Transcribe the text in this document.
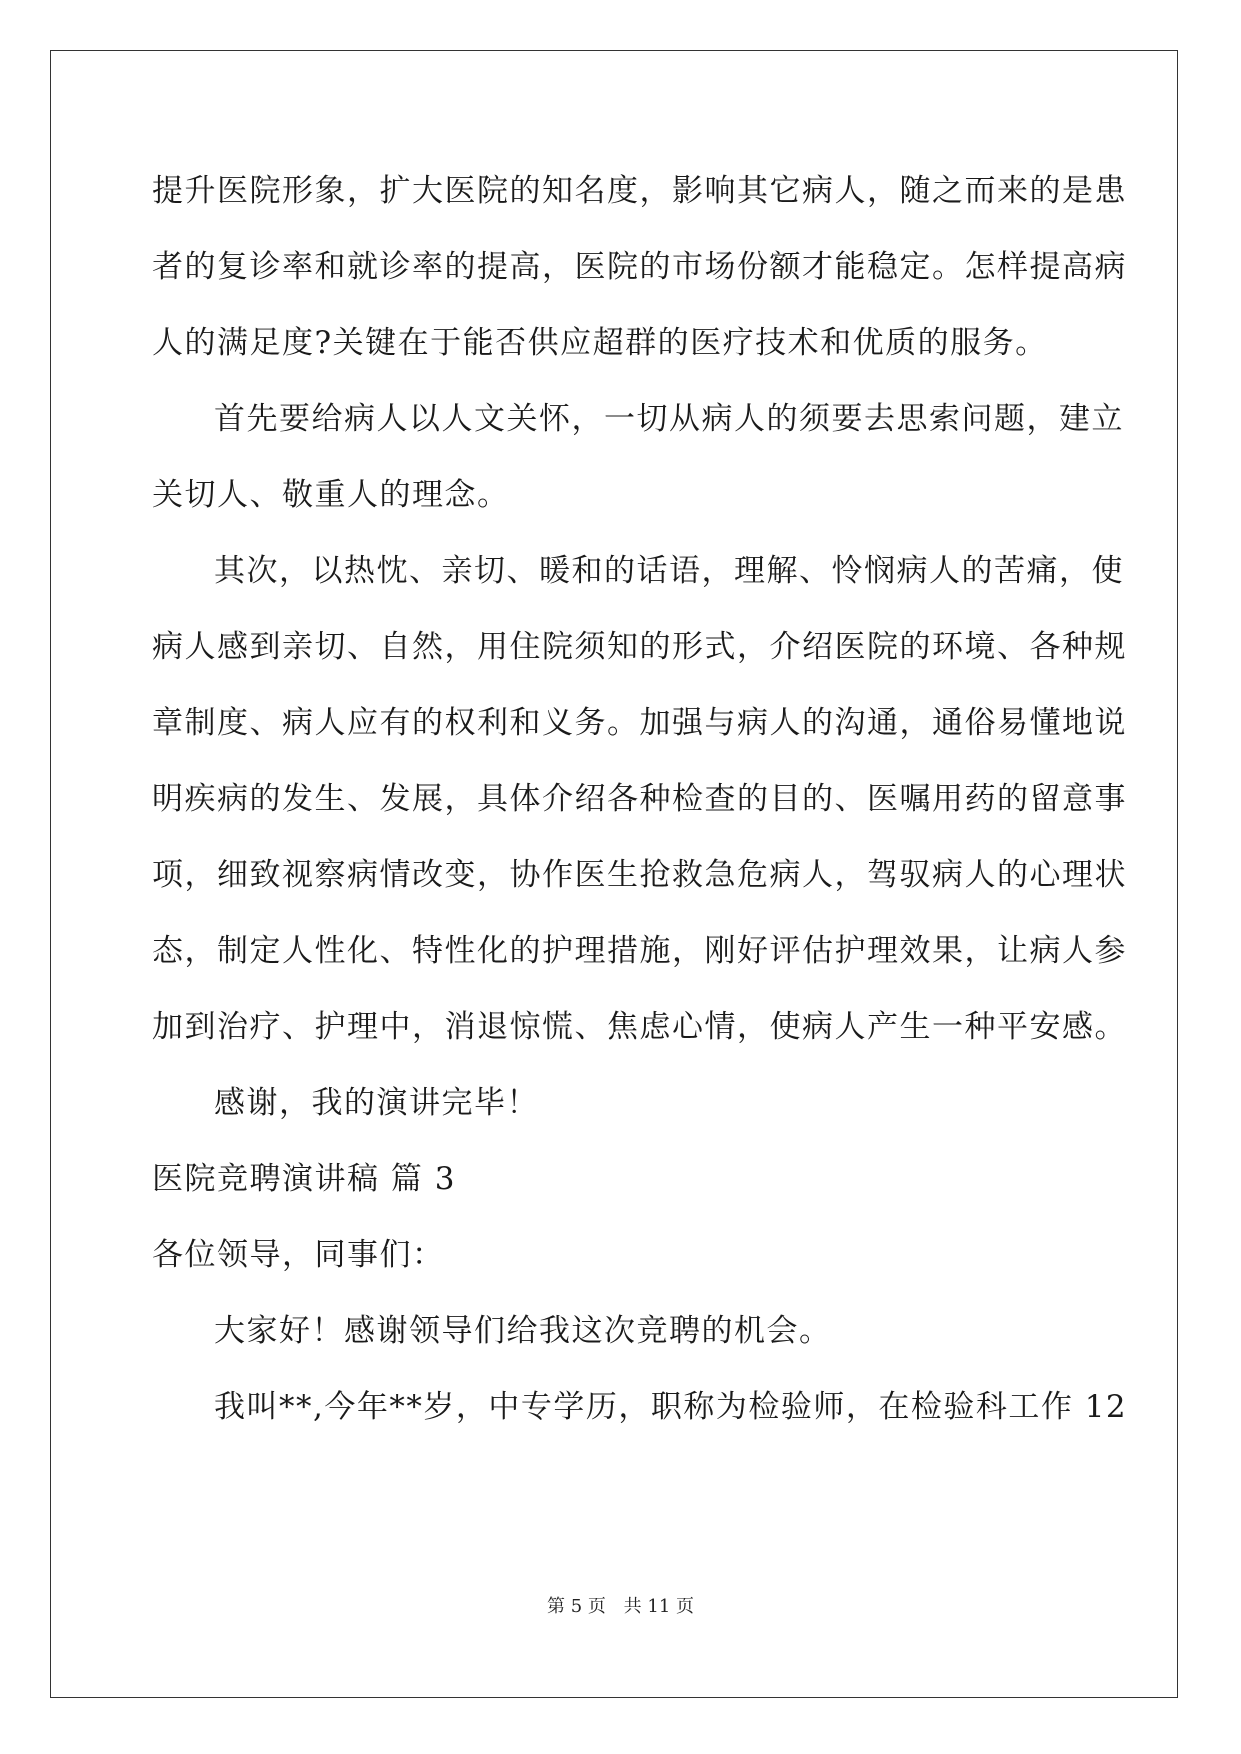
提升医院形象，扩大医院的知名度，影响其它病人，随之而来的是患
者的复诊率和就诊率的提高，医院的市场份额才能稳定。怎样提高病
人的满足度?关键在于能否供应超群的医疗技术和优质的服务。
首先要给病人以人文关怀，一切从病人的须要去思索问题，建立
关切人、敬重人的理念。
其次，以热忱、亲切、暖和的话语，理解、怜悯病人的苦痛，使
病人感到亲切、自然，用住院须知的形式，介绍医院的环境、各种规
章制度、病人应有的权利和义务。加强与病人的沟通，通俗易懂地说
明疾病的发生、发展，具体介绍各种检查的目的、医嘱用药的留意事
项，细致视察病情改变，协作医生抢救急危病人，驾驭病人的心理状
态，制定人性化、特性化的护理措施，刚好评估护理效果，让病人参
加到治疗、护理中，消退惊慌、焦虑心情，使病人产生一种平安感。
感谢，我的演讲完毕！
医院竞聘演讲稿 篇 3
各位领导，同事们：
大家好！感谢领导们给我这次竞聘的机会。
我叫**,今年**岁，中专学历，职称为检验师，在检验科工作 12
第 5 页 共 11 页
